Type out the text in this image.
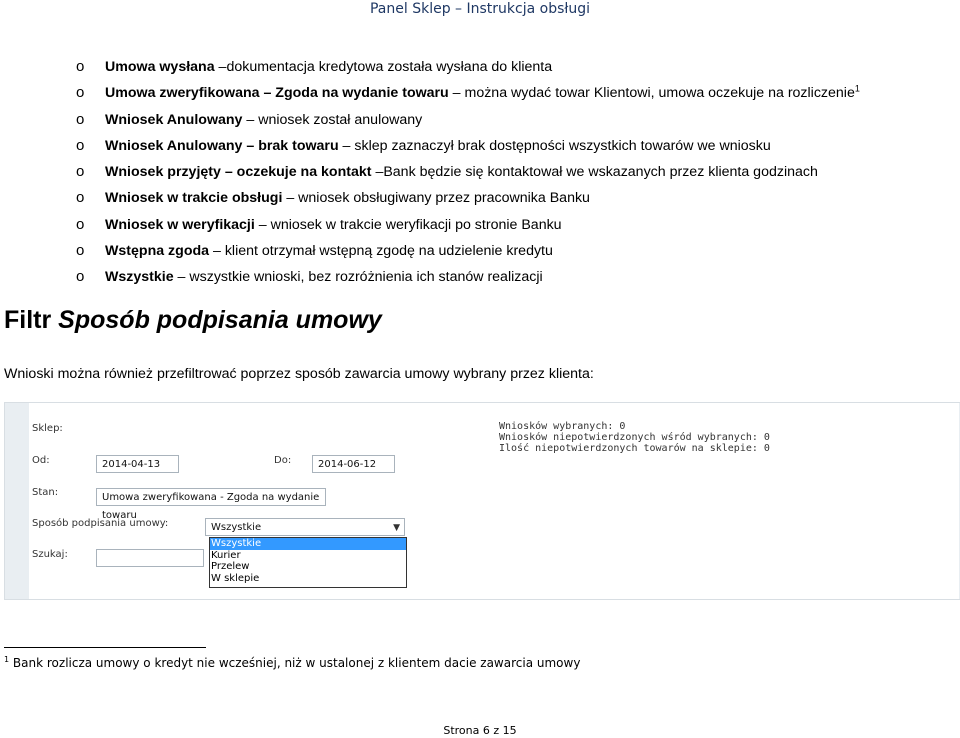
Panel Sklep – Instrukcja obsługi
o Umowa wysłana –dokumentacja kredytowa została wysłana do klienta
o Umowa zweryfikowana – Zgoda na wydanie towaru – można wydać towar Klientowi, umowa oczekuje na rozliczenie$^1$
o Wniosek Anulowany – wniosek został anulowany
o Wniosek Anulowany – brak towaru – sklep zaznaczył brak dostępności wszystkich towarów we wniosku
o Wniosek przyjęty – oczekuje na kontakt –Bank będzie się kontaktował we wskazanych przez klienta godzinach
o Wniosek w trakcie obsługi – wniosek obsługiwany przez pracownika Banku
o Wniosek w weryfikacji – wniosek w trakcie weryfikacji po stronie Banku
o Wstępna zgoda – klient otrzymał wstępną zgodę na udzielenie kredytu
o Wszystkie – wszystkie wnioski, bez rozróżnienia ich stanów realizacji
Filtr Sposób podpisania umowy
Wnioski można również przefiltrować poprzez sposób zawarcia umowy wybrany przez klienta:
Sklep:	Wniosków wybranych: 0
Wniosków niepotwierdzonych wśród wybranych: 0
Ilość niepotwierdzonych towarów na sklepie: 0
Od:	2014-04-13	Do:	2014-06-12
Stan:	Umowa zweryfikowana - Zgoda na wydanie towaru
Sposób podpisania umowy:	Wszystkie	▼
Szukaj:
Wszystkie
Kurier
Przelew
W sklepie
$^1$ Bank rozlicza umowy o kredyt nie wcześniej, niż w ustalonej z klientem dacie zawarcia umowy
Strona 6 z 15
